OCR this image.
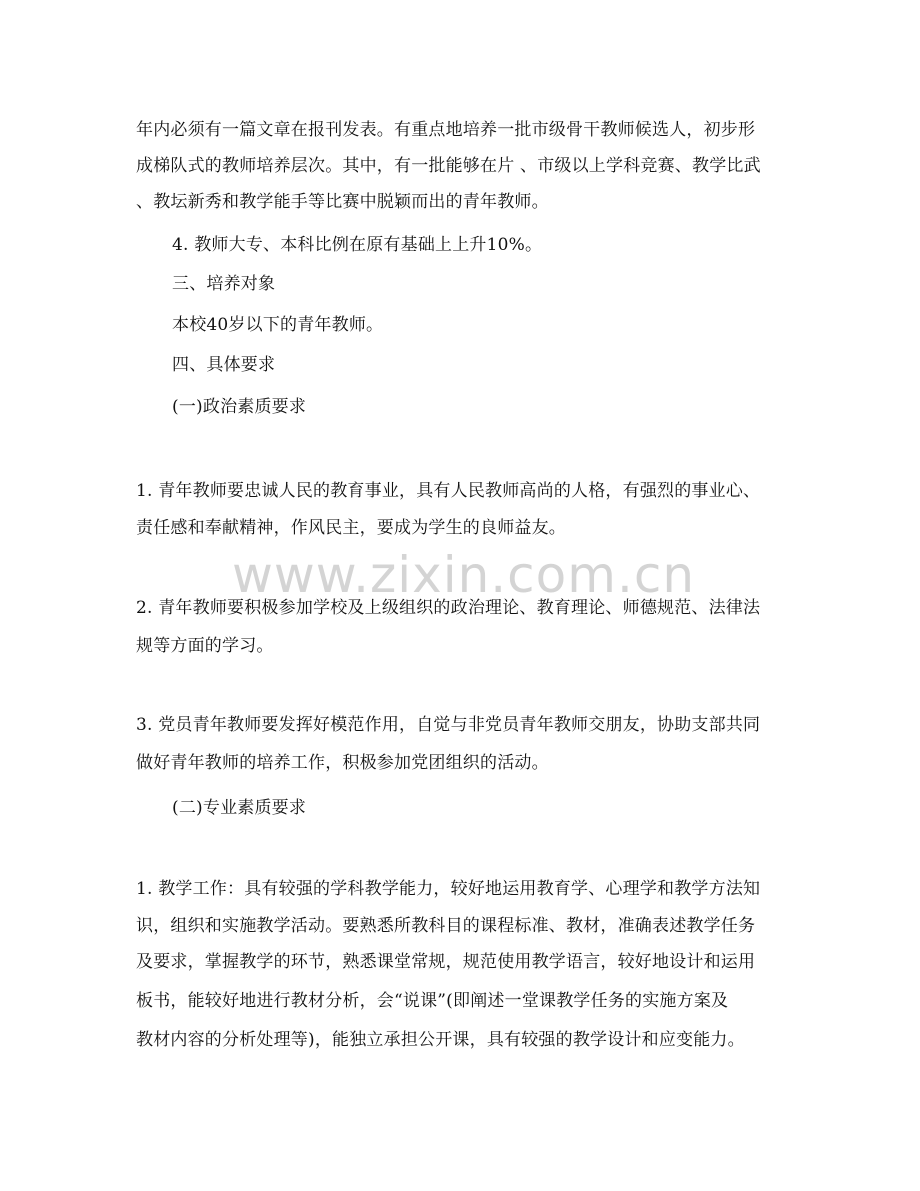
www.zixin.com.cn
年内必须有一篇文章在报刊发表。有重点地培养一批市级骨干教师候选人，初步形
成梯队式的教师培养层次。其中，有一批能够在片 、市级以上学科竞赛、教学比武
、教坛新秀和教学能手等比赛中脱颖而出的青年教师。
4. 教师大专、本科比例在原有基础上上升10%。
三、培养对象
本校40岁以下的青年教师。
四、具体要求
(一)政治素质要求
1. 青年教师要忠诚人民的教育事业，具有人民教师高尚的人格，有强烈的事业心、
责任感和奉献精神，作风民主，要成为学生的良师益友。
2. 青年教师要积极参加学校及上级组织的政治理论、教育理论、师德规范、法律法
规等方面的学习。
3. 党员青年教师要发挥好模范作用，自觉与非党员青年教师交朋友，协助支部共同
做好青年教师的培养工作，积极参加党团组织的活动。
(二)专业素质要求
1. 教学工作：具有较强的学科教学能力，较好地运用教育学、心理学和教学方法知
识，组织和实施教学活动。要熟悉所教科目的课程标准、教材，准确表述教学任务
及要求，掌握教学的环节，熟悉课堂常规，规范使用教学语言，较好地设计和运用
板书，能较好地进行教材分析，会“说课”(即阐述一堂课教学任务的实施方案及
教材内容的分析处理等)，能独立承担公开课，具有较强的教学设计和应变能力。
